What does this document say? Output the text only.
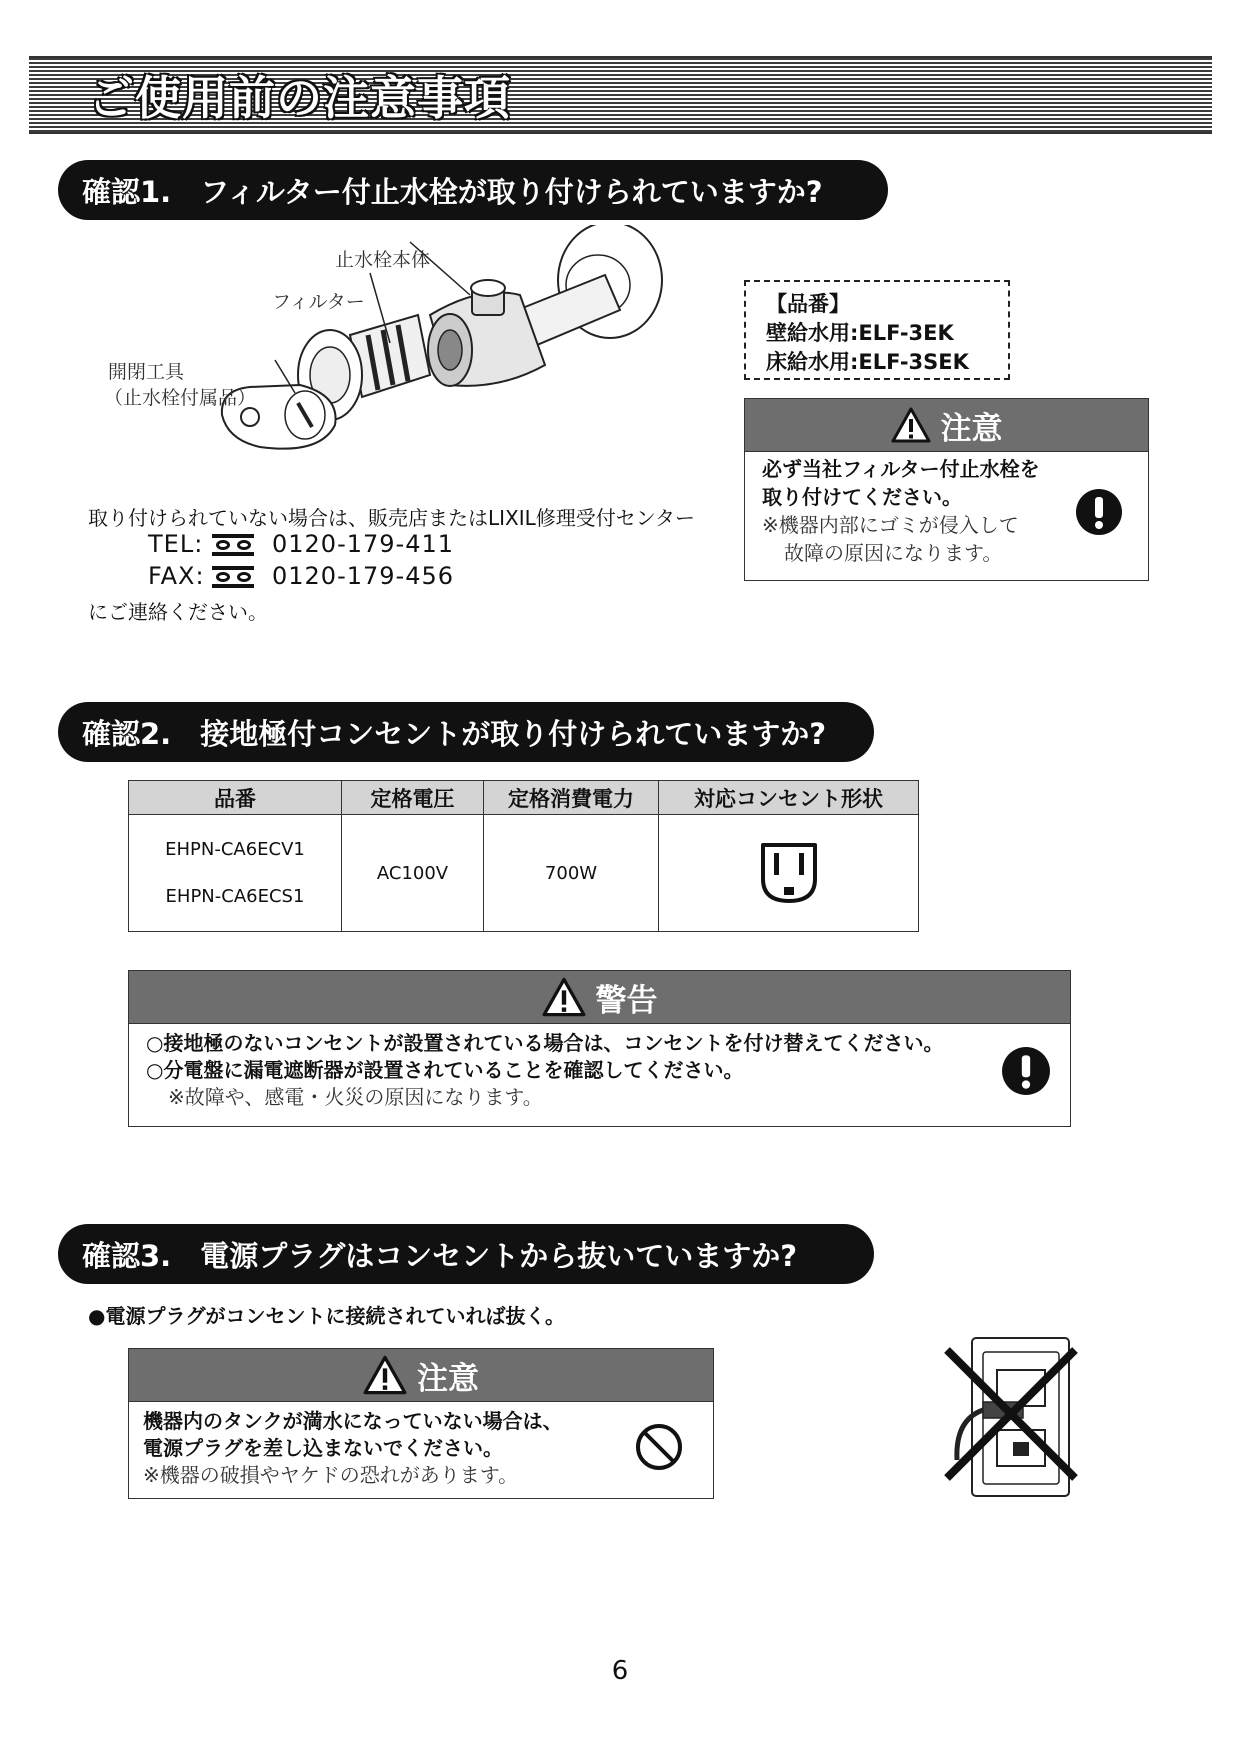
ご使用前の注意事項
確認1.　フィルター付止水栓が取り付けられていますか?
止水栓本体
フィルター
開閉工具
（止水栓付属品）
取り付けられていない場合は、販売店またはLIXIL修理受付センター
TEL:	0120-179-411
FAX:	0120-179-456
にご連絡ください。
【品番】
壁給水用:ELF-3EK
床給水用:ELF-3SEK
注意
必ず当社フィルター付止水栓を
取り付けてください。
※機器内部にゴミが侵入して
故障の原因になります。
確認2.　接地極付コンセントが取り付けられていますか?
品番	定格電圧	定格消費電力	対応コンセント形状

EHPN-CA6ECV1
EHPN-CA6ECS1	AC100V	700W	
警告
○接地極のないコンセントが設置されている場合は、コンセントを付け替えてください。
○分電盤に漏電遮断器が設置されていることを確認してください。
※故障や、感電・火災の原因になります。
確認3.　電源プラグはコンセントから抜いていますか?
●電源プラグがコンセントに接続されていれば抜く。
注意
機器内のタンクが満水になっていない場合は、
電源プラグを差し込まないでください。
※機器の破損やヤケドの恐れがあります。
6
